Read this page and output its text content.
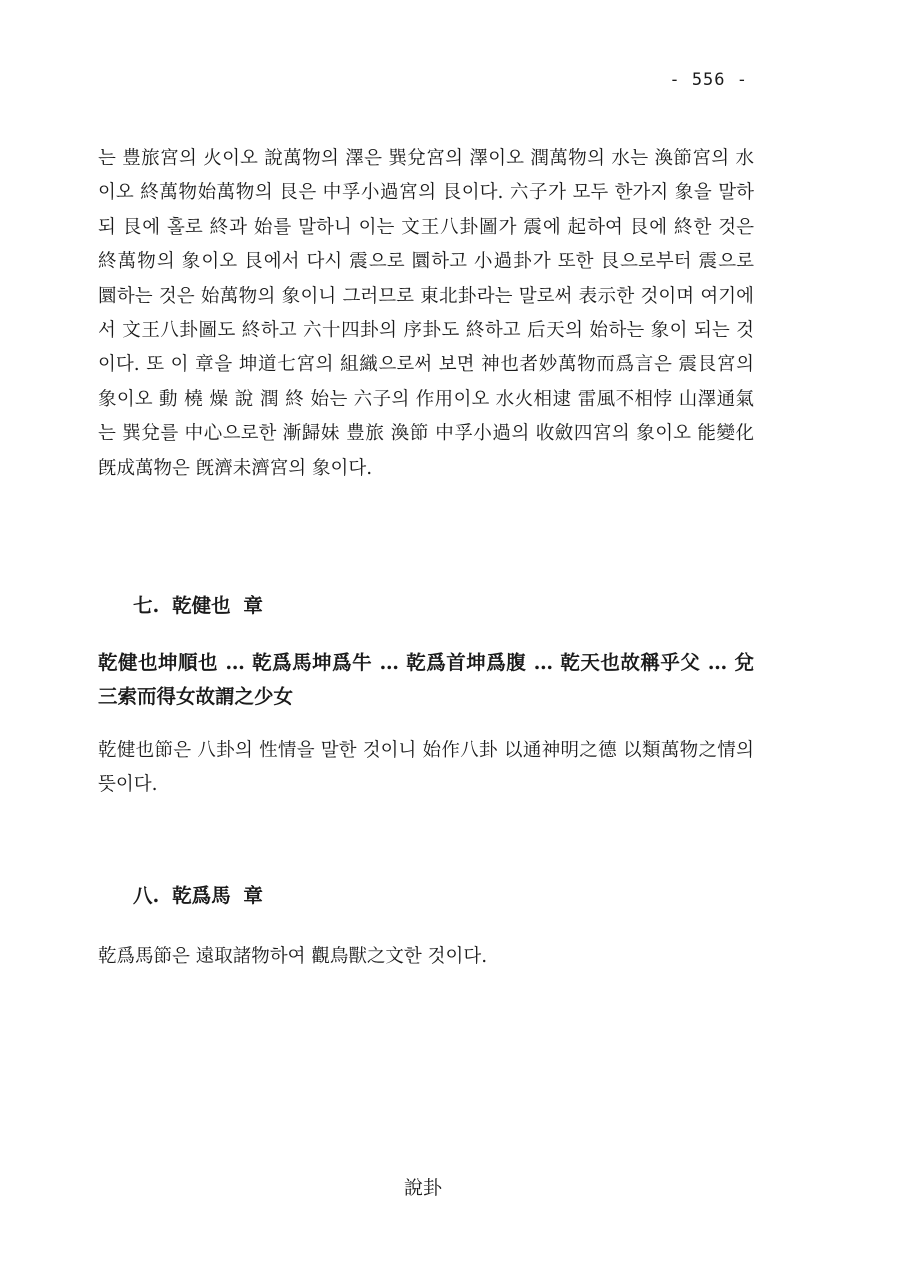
- 556 -

는 豊旅宮의 火이오 說萬物의 澤은 巽兌宮의 澤이오 潤萬物의 水는 渙節宮의 水이오 終萬物始萬物의 艮은 中孚小過宮의 艮이다. 六子가 모두 한가지 象을 말하되 艮에 홀로 終과 始를 말하니 이는 文王八卦圖가 震에 起하여 艮에 終한 것은 終萬物의 象이오 艮에서 다시 震으로 圜하고 小過卦가 또한 艮으로부터 震으로 圜하는 것은 始萬物의 象이니 그러므로 東北卦라는 말로써 表示한 것이며 여기에서 文王八卦圖도 終하고 六十四卦의 序卦도 終하고 后天의 始하는 象이 되는 것이다. 또 이 章을 坤道七宮의 組織으로써 보면 神也者妙萬物而爲言은 震艮宮의 象이오 動 橈 燥 說 潤 終 始는 六子의 作用이오 水火相逮 雷風不相悖 山澤通氣는 巽兌를 中心으로한 漸歸妹 豊旅 渙節 中孚小過의 收斂四宮의 象이오 能變化旣成萬物은 旣濟未濟宮의 象이다.

七. 乾健也 章

乾健也坤順也 … 乾爲馬坤爲牛 … 乾爲首坤爲腹 … 乾天也故稱乎父 … 兌三索而得女故謂之少女

乾健也節은 八卦의 性情을 말한 것이니 始作八卦 以通神明之德 以類萬物之情의 뜻이다.

八. 乾爲馬 章

乾爲馬節은 遠取諸物하여 觀鳥獸之文한 것이다.

說卦
